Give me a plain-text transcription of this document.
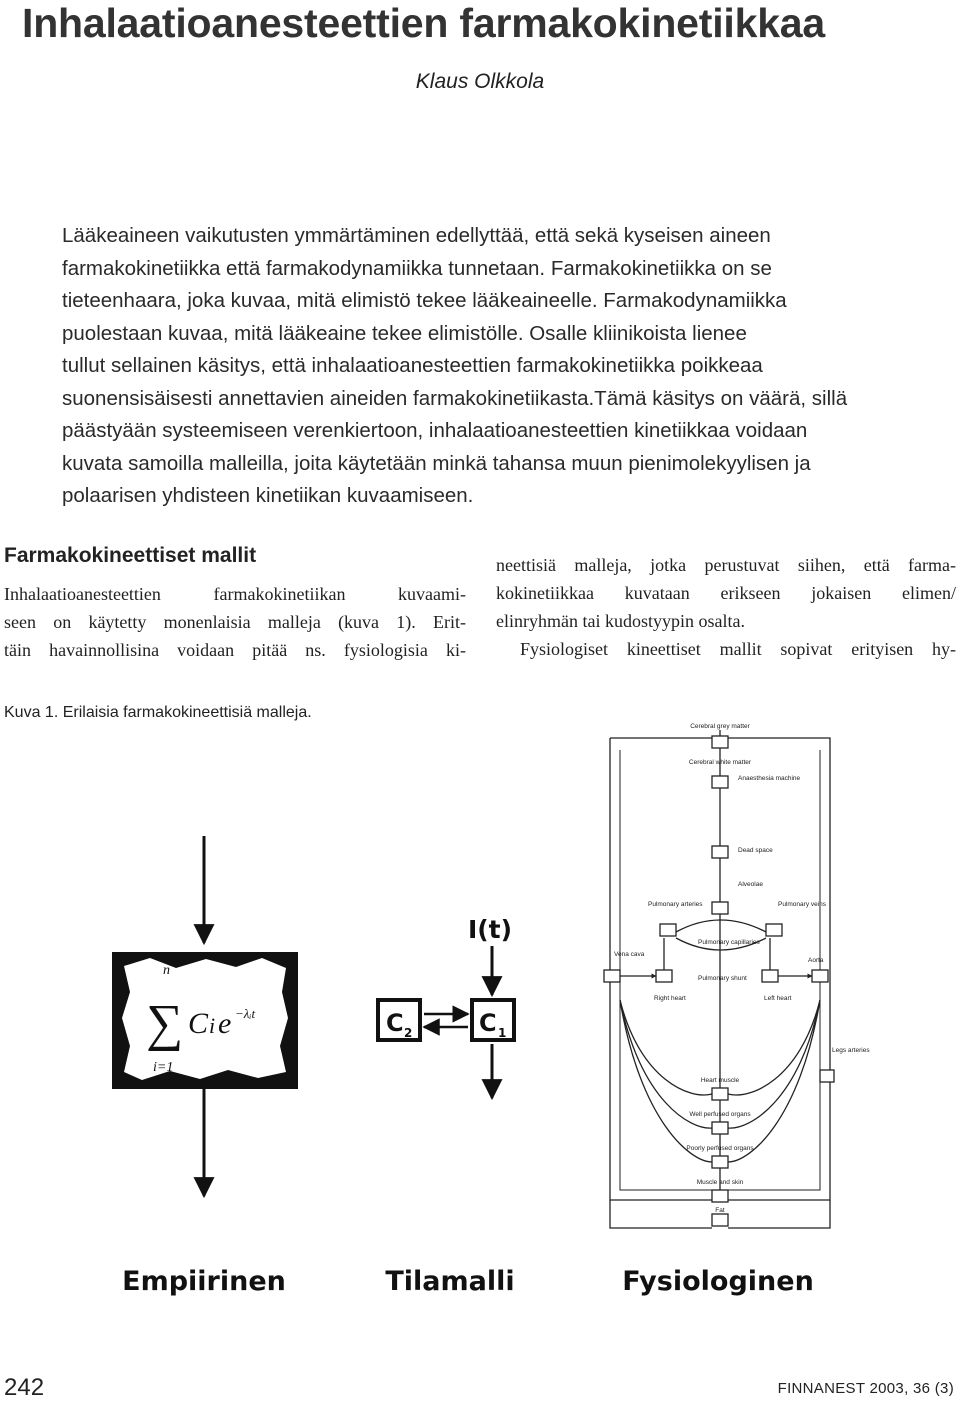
Inhalaatioanesteettien farmakokinetiikkaa
Klaus Olkkola
Lääkeaineen vaikutusten ymmärtäminen edellyttää, että sekä kyseisen aineen
farmakokinetiikka että farmakodynamiikka tunnetaan. Farmakokinetiikka on se
tieteenhaara, joka kuvaa, mitä elimistö tekee lääkeaineelle. Farmakodynamiikka
puolestaan kuvaa, mitä lääkeaine tekee elimistölle. Osalle kliinikoista lienee
tullut sellainen käsitys, että inhalaatioanesteettien farmakokinetiikka poikkeaa
suonensisäisesti annettavien aineiden farmakokinetiikasta.Tämä käsitys on väärä, sillä
päästyään systeemiseen verenkiertoon, inhalaatioanesteettien kinetiikkaa voidaan
kuvata samoilla malleilla, joita käytetään minkä tahansa muun pienimolekyylisen ja
polaarisen yhdisteen kinetiikan kuvaamiseen.
Farmakokineettiset mallit
Inhalaatioanesteettien farmakokinetiikan kuvaami-
seen on käytetty monenlaisia malleja (kuva 1). Erit-
täin havainnollisina voidaan pitää ns. fysiologisia ki-
neettisiä malleja, jotka perustuvat siihen, että farma-
kokinetiikkaa kuvataan erikseen jokaisen elimen/
elinryhmän tai kudostyypin osalta.
Fysiologiset kineettiset mallit sopivat erityisen hy-
Kuva 1. Erilaisia farmakokineettisiä malleja.
n
∑ C i e −λᵢt
i=1
Empiirinen
I(t)
C 2	C 1
Tilamalli
Cerebral grey matter
Cerebral white matter
Anaesthesia machine
Dead space
Alveolae
Pulmonary arteries	Pulmonary veins
Pulmonary capillaries
Pulmonary shunt
Vena cava
Aorta
Right heart	Left heart
Legs arteries
Heart muscle
Well perfused organs
Poorly perfused organs
Muscle and skin
Fat
Fysiologinen
242	FINNANEST 2003, 36 (3)
